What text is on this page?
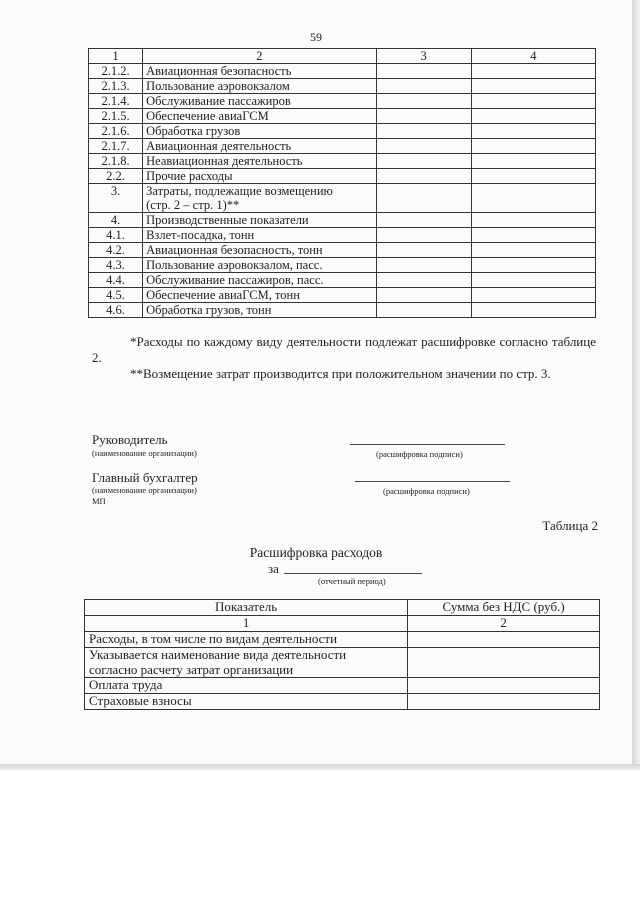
59
1	2	3	4
2.1.2.	Авиационная безопасность		
2.1.3.	Пользование аэровокзалом		
2.1.4.	Обслуживание пассажиров		
2.1.5.	Обеспечение авиаГСМ		
2.1.6.	Обработка грузов		
2.1.7.	Авиационная деятельность		
2.1.8.	Неавиационная деятельность		
2.2.	Прочие расходы		
3.	Затраты, подлежащие возмещению
(стр. 2 – стр. 1)**		
4.	Производственные показатели		
4.1.	Взлет-посадка, тонн		
4.2.	Авиационная безопасность, тонн		
4.3.	Пользование аэровокзалом, пасс.		
4.4.	Обслуживание пассажиров, пасс.		
4.5.	Обеспечение авиаГСМ, тонн		
4.6.	Обработка грузов, тонн		

*Расходы по каждому виду деятельности подлежат расшифровке согласно таблице 2.

**Возмещение затрат производится при положительном значении по стр. 3.

Руководитель
(наименование организации)	(расшифровка подписи)
Главный бухгалтер
(наименование организации)	(расшифровка подписи)
МП
Таблица 2
Расшифровка расходов
за
(отчетный период)
Показатель	Сумма без НДС (руб.)
1	2
Расходы, в том числе по видам деятельности	
Указывается наименование вида деятельности
согласно расчету затрат организации	
Оплата труда	
Страховые взносы	
